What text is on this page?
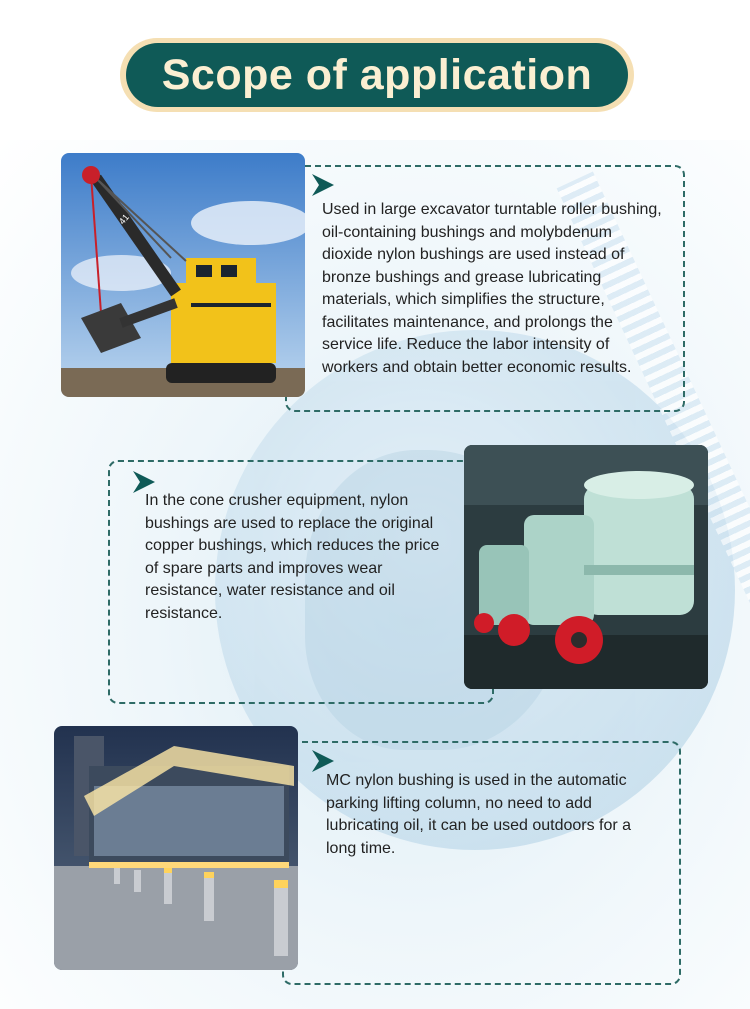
Scope of application
41
Used in large excavator turntable roller bushing, oil-containing bushings and molybdenum dioxide nylon bushings are used instead of bronze bushings and grease lubricating materials, which simplifies the structure, facilitates maintenance, and prolongs the service life. Reduce the labor intensity of workers and obtain better economic results.
In the cone crusher equipment, nylon bushings are used to replace the original copper bushings, which reduces the price of spare parts and improves wear resistance, water resistance and oil resistance.
MC nylon bushing is used in the automatic parking lifting column, no need to add lubricating oil, it can be used outdoors for a long time.
